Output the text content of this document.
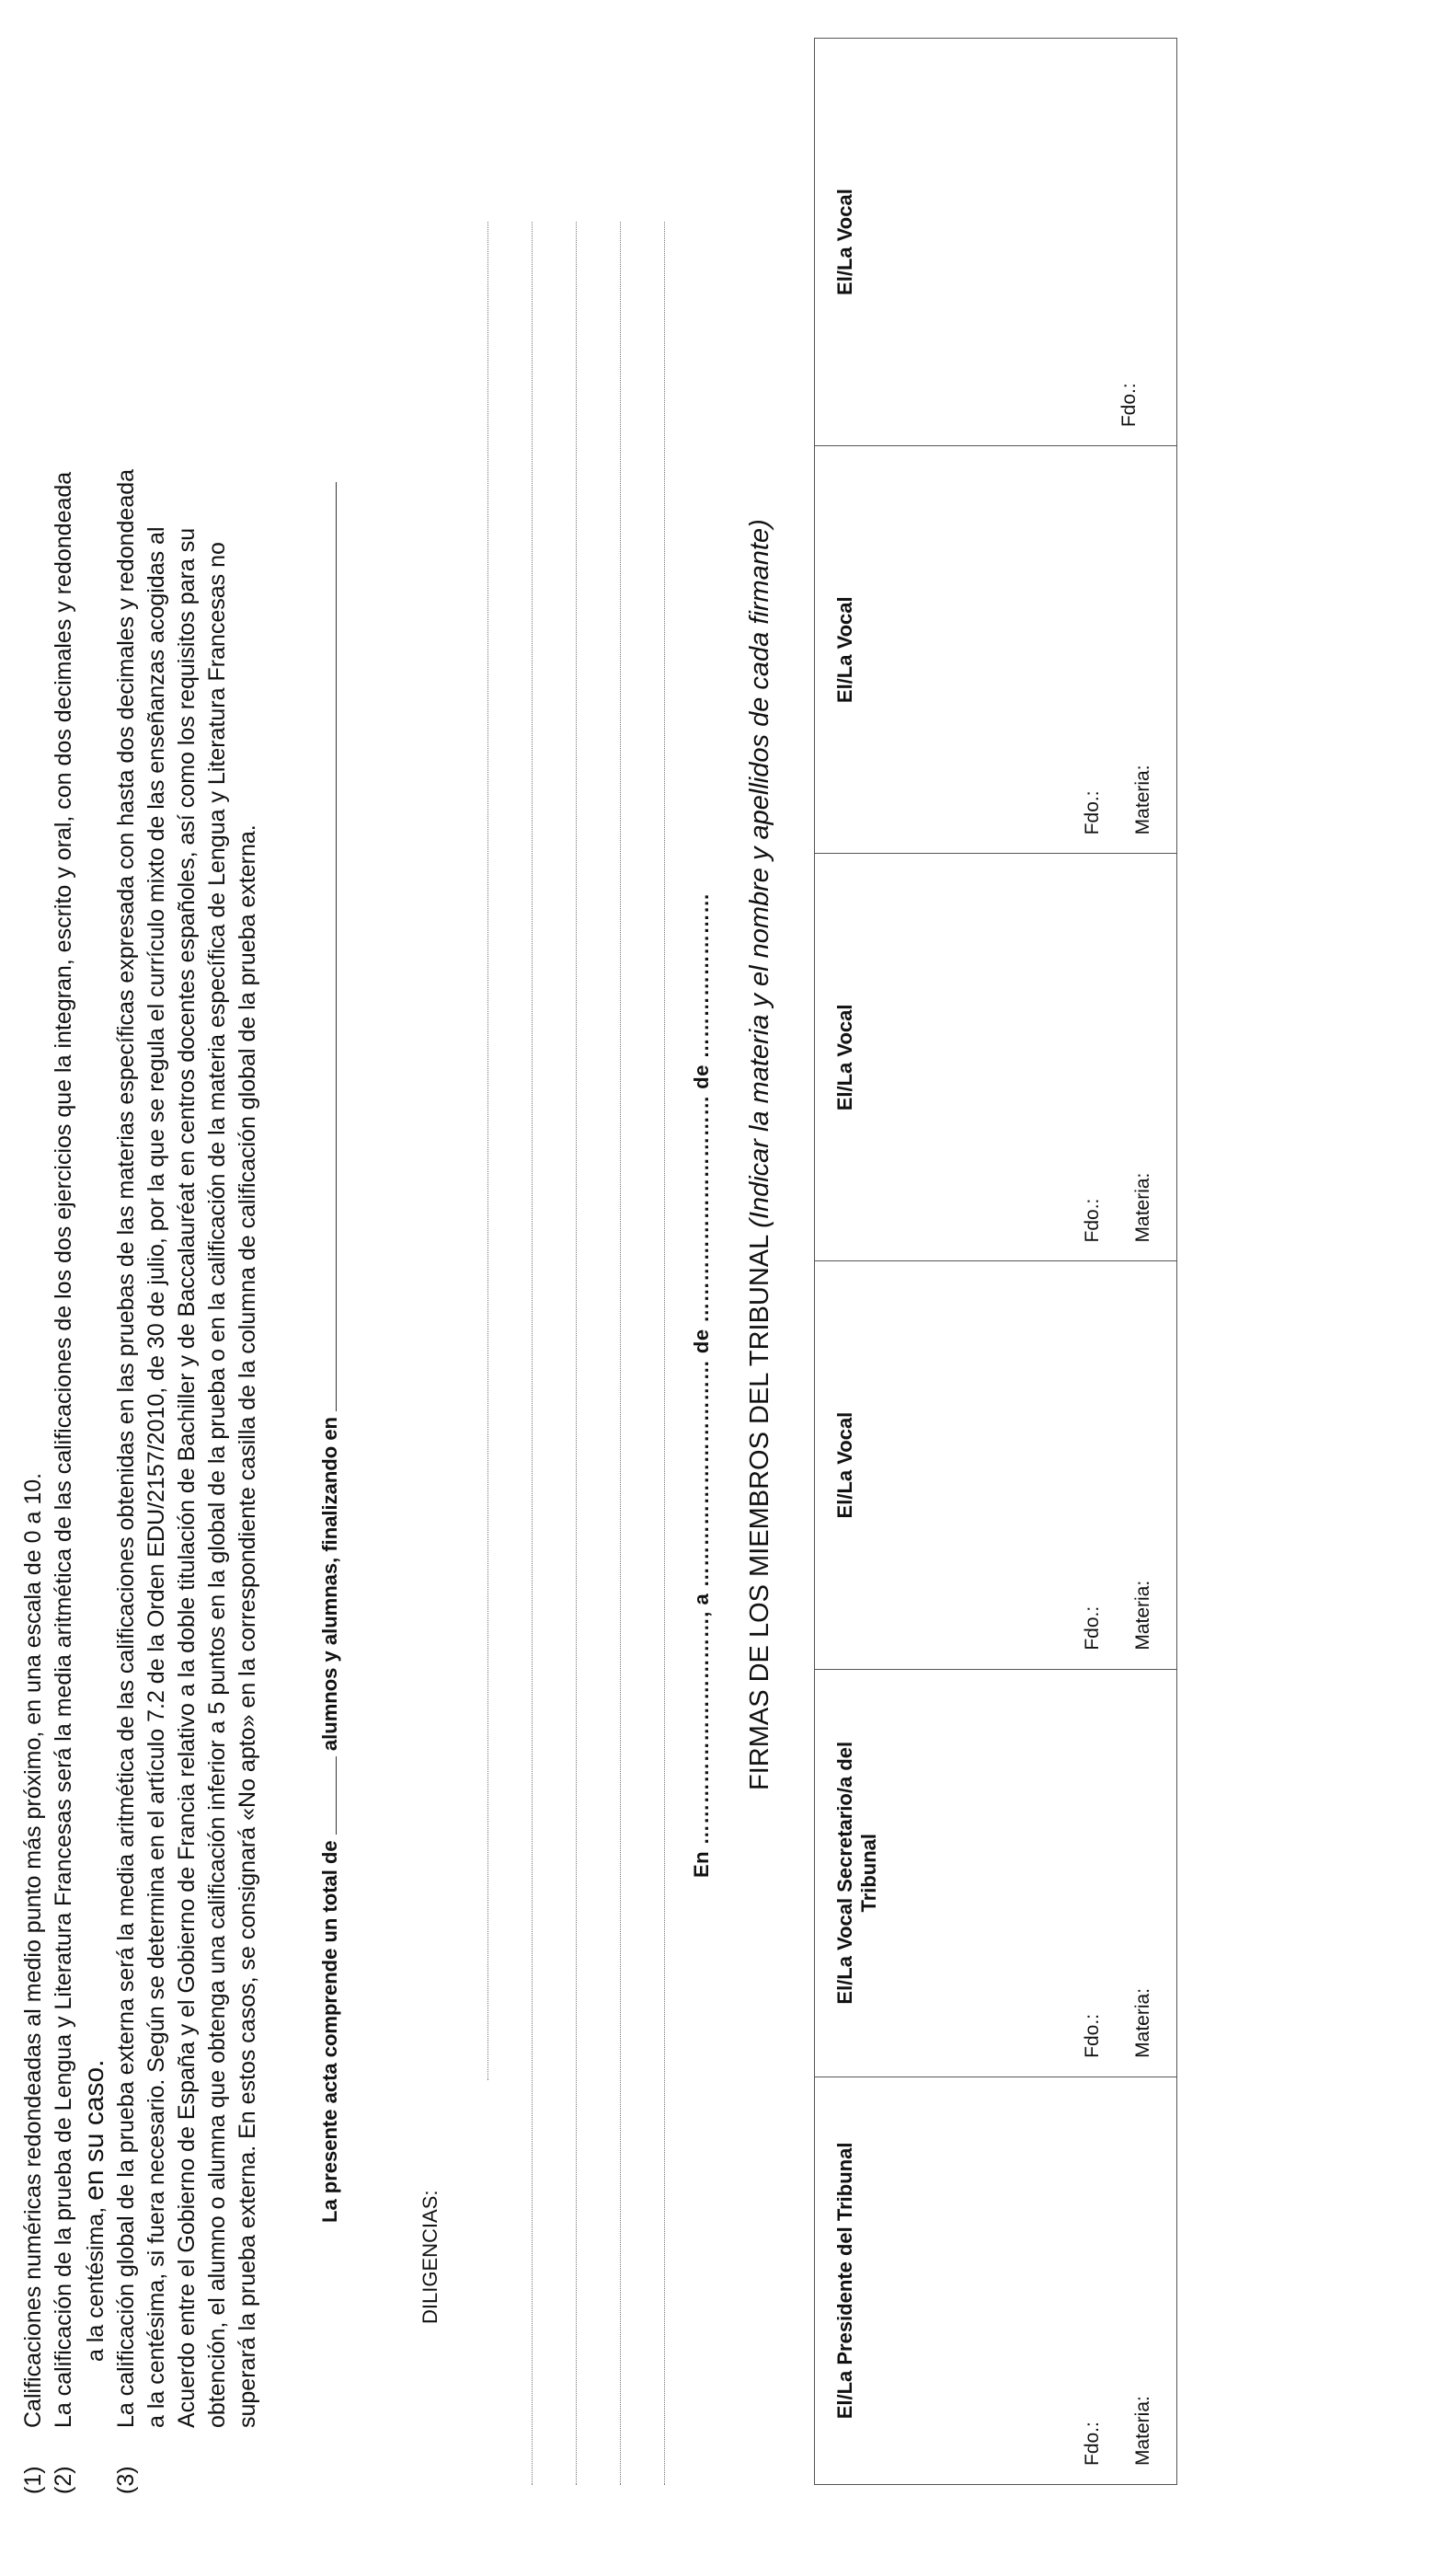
(1)
Calificaciones numéricas redondeadas al medio punto más próximo, en una escala de 0 a 10.
(2)
La calificación de la prueba de Lengua y Literatura Francesas será la media aritmética de las calificaciones de los dos ejercicios que la integran, escrito y oral, con dos decimales y redondeada a la centésima, en su caso.
(3)
La calificación global de la prueba externa será la media aritmética de las calificaciones obtenidas en las pruebas de las materias específicas expresada con hasta dos decimales y redondeada a la centésima, si fuera necesario. Según se determina en el artículo 7.2 de la Orden EDU/2157/2010, de 30 de julio, por la que se regula el currículo mixto de las enseñanzas acogidas al Acuerdo entre el Gobierno de España y el Gobierno de Francia relativo a la doble titulación de Bachiller y de Baccalauréat en centros docentes españoles, así como los requisitos para su obtención, el alumno o alumna que obtenga una calificación inferior a 5 puntos en la global de la prueba o en la calificación de la materia específica de Lengua y Literatura Francesas no superará la prueba externa. En estos casos, se consignará «No apto» en la correspondiente casilla de la columna de calificación global de la prueba externa.	La presente acta comprende un total de  alumnos y alumnas, finalizando en
DILIGENCIAS:
En ……………………………, a …………………………… de …………………………… de …………………… FIRMAS DE LOS MIEMBROS DEL TRIBUNAL (Indicar la materia y el nombre y apellidos de cada firmante)
El/La Presidente del Tribunal
Fdo.: Materia:
El/La Vocal Secretario/a del Tribunal
Fdo.: Materia:
El/La Vocal
Fdo.: Materia:
El/La Vocal
Fdo.: Materia:
El/La Vocal
Fdo.: Materia:
El/La Vocal
Fdo.:
